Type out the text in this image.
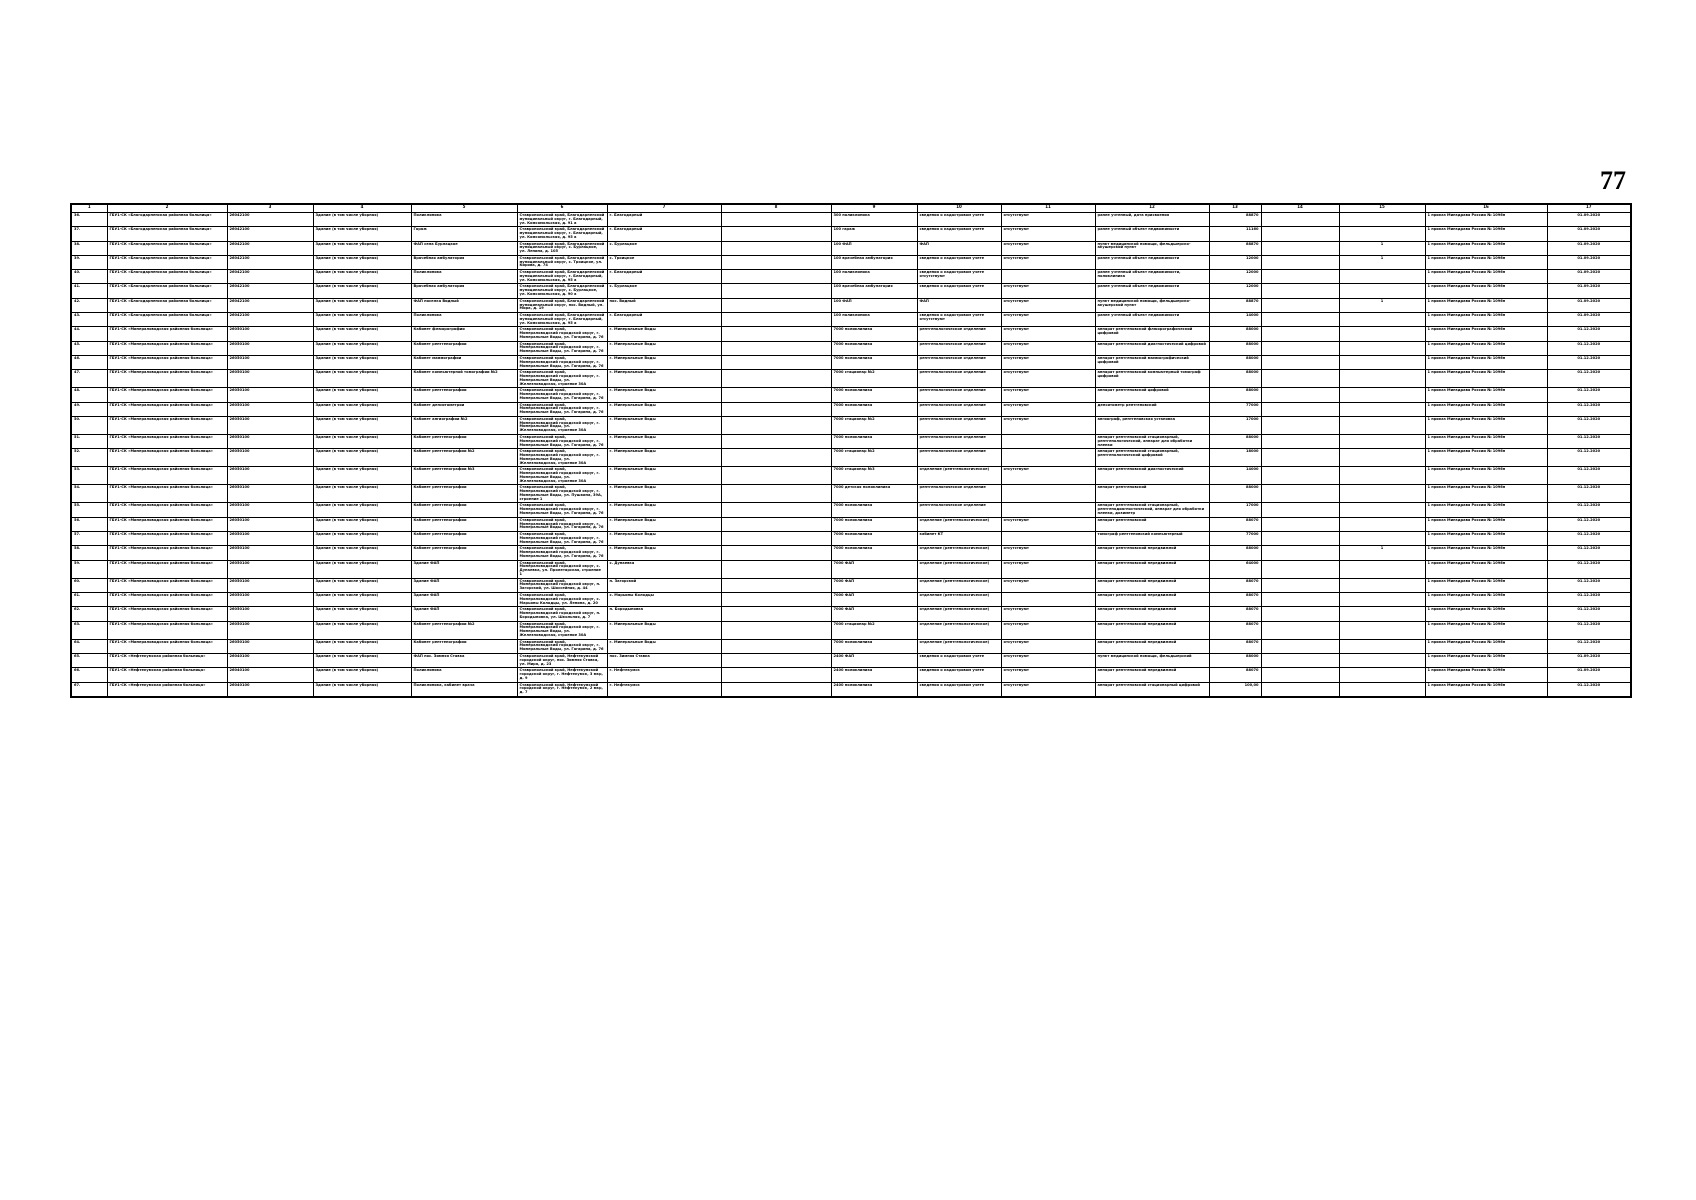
77
1	2	3	4	5	6	7	8	9	10	11	12	13	14	15	16	17
36.	ГБУ1-СК «Благодарненская районная больница»	26042100	Здание (в том числе уборная)	Поликлиника	Ставропольский край, Благодарненский муниципальный округ, г. Благодарный, ул. Комсомольская, д. 91 а	г. Благодарный		300 поликлиника	сведения о кадастровом учете	отсутствуют	ранее учтенный, дата присвоения	88870			1 приказ Минздрава России № 1096н	01.09.2020
37.	ГБУ1-СК «Благодарненская районная больница»	26042100	Здание (в том числе уборная)	Гараж	Ставропольский край, Благодарненский муниципальный округ, г. Благодарный, ул. Комсомольская, д. 95 а	г. Благодарный		100 гараж	сведения о кадастровом учете	отсутствуют	ранее учтенный объект недвижимости	11160			1 приказ Минздрава России № 1096н	01.09.2020
38.	ГБУ1-СК «Благодарненская районная больница»	26042100	Здание (в том числе уборная)	ФАП села Бурлацкое	Ставропольский край, Благодарненский муниципальный округ, с. Бурлацкое, ул. Ленина, д. 105	с. Бурлацкое		100 ФАП	ФАП	отсутствуют	пункт медицинской помощи, фельдшерско-акушерский пункт	88870		1	1 приказ Минздрава России № 1096н	01.09.2020
39.	ГБУ1-СК «Благодарненская районная больница»	26042100	Здание (в том числе уборная)	Врачебная амбулатория	Ставропольский край, Благодарненский муниципальный округ, с. Троицкое, ул. Кирова, д. 74	с. Троицкое		100 врачебная амбулатория	сведения о кадастровом учете	отсутствуют	ранее учтенный объект недвижимости	12000		1	1 приказ Минздрава России № 1096н	01.09.2020
40.	ГБУ1-СК «Благодарненская районная больница»	26042100	Здание (в том числе уборная)	Поликлиника	Ставропольский край, Благодарненский муниципальный округ, г. Благодарный, ул. Комсомольская, д. 95 а	г. Благодарный		100 поликлиника	сведения о кадастровом учете отсутствуют		ранее учтенный объект недвижимости, поликлиника	12000			1 приказ Минздрава России № 1096н	01.09.2020
41.	ГБУ1-СК «Благодарненская районная больница»	26042100	Здание (в том числе уборная)	Врачебная амбулатория	Ставропольский край, Благодарненский муниципальный округ, с. Бурлацкое, ул. Комсомольская, д. 90 а	с. Бурлацкое		100 врачебная амбулатория	сведения о кадастровом учете	отсутствуют	ранее учтенный объект недвижимости	12000			1 приказ Минздрава России № 1096н	01.09.2020
42.	ГБУ1-СК «Благодарненская районная больница»	26042100	Здание (в том числе уборная)	ФАП поселка Видный	Ставропольский край, Благодарненский муниципальный округ, пос. Видный, ул. Мира, д. 19	пос. Видный		100 ФАП	ФАП	отсутствуют	пункт медицинской помощи, фельдшерско-акушерский пункт	88870		1	1 приказ Минздрава России № 1096н	01.09.2020
43.	ГБУ1-СК «Благодарненская районная больница»	26042100	Здание (в том числе уборная)	Поликлиника	Ставропольский край, Благодарненский муниципальный округ, г. Благодарный, ул. Комсомольская, д. 95 а	г. Благодарный		100 поликлиника	сведения о кадастровом учете отсутствуют	отсутствуют	ранее учтенный объект недвижимости	14000			1 приказ Минздрава России № 1096н	01.09.2020
44.	ГБУ1-СК «Минераловодская районная больница»	26050100	Здание (в том числе уборная)	Кабинет флюорографии	Ставропольский край, Минераловодский городской округ, г. Минеральные Воды, ул. Гагарина, д. 76	г. Минеральные Воды		7000 поликлиника	рентгенологическое отделение	отсутствуют	аппарат рентгеновский флюорографический цифровой	88000			1 приказ Минздрава России № 1096н	01.12.2020
45.	ГБУ1-СК «Минераловодская районная больница»	26050100	Здание (в том числе уборная)	Кабинет рентгенографии	Ставропольский край, Минераловодский городской округ, г. Минеральные Воды, ул. Гагарина, д. 76	г. Минеральные Воды		7000 поликлиника	рентгенологическое отделение	отсутствуют	аппарат рентгеновский диагностический цифровой	88000			1 приказ Минздрава России № 1096н	01.12.2020
46.	ГБУ1-СК «Минераловодская районная больница»	26050100	Здание (в том числе уборная)	Кабинет маммографии	Ставропольский край, Минераловодский городской округ, г. Минеральные Воды, ул. Гагарина, д. 76	г. Минеральные Воды		7000 поликлиника	рентгенологическое отделение	отсутствуют	аппарат рентгеновский маммографический цифровой	88000			1 приказ Минздрава России № 1096н	01.12.2020
47.	ГБУ1-СК «Минераловодская районная больница»	26050100	Здание (в том числе уборная)	Кабинет компьютерной томографии №2	Ставропольский край, Минераловодский городской округ, г. Минеральные Воды, ул. Железноводская, строение 30А	г. Минеральные Воды		7000 стационар №2	рентгенологическое отделение	отсутствуют	аппарат рентгеновский компьютерный томограф цифровой	88000			1 приказ Минздрава России № 1096н	01.12.2020
48.	ГБУ1-СК «Минераловодская районная больница»	26050100	Здание (в том числе уборная)	Кабинет рентгенографии	Ставропольский край, Минераловодский городской округ, г. Минеральные Воды, ул. Гагарина, д. 76	г. Минеральные Воды		7000 поликлиника	рентгенологическое отделение	отсутствуют	аппарат рентгеновский цифровой	88000			1 приказ Минздрава России № 1096н	01.12.2020
49.	ГБУ1-СК «Минераловодская районная больница»	26050100	Здание (в том числе уборная)	Кабинет денситометрии	Ставропольский край, Минераловодский городской округ, г. Минеральные Воды, ул. Гагарина, д. 76	г. Минеральные Воды		7000 поликлиника	рентгенологическое отделение	отсутствуют	денситометр рентгеновский	77000			1 приказ Минздрава России № 1096н	01.12.2020
50.	ГБУ1-СК «Минераловодская районная больница»	26050100	Здание (в том числе уборная)	Кабинет ангиографии №2	Ставропольский край, Минераловодский городской округ, г. Минеральные Воды, ул. Железноводская, строение 30А	г. Минеральные Воды		7000 стационар №2	рентгенологическое отделение	отсутствуют	ангиограф, рентгеновская установка	17000			1 приказ Минздрава России № 1096н	01.12.2020
51.	ГБУ1-СК «Минераловодская районная больница»	26050100	Здание (в том числе уборная)	Кабинет рентгенографии	Ставропольский край, Минераловодский городской округ, г. Минеральные Воды, ул. Гагарина, д. 76	г. Минеральные Воды		7000 поликлиника	рентгенологическое отделение		аппарат рентгеновский стационарный, рентгенологический, аппарат для обработки пленки	88000			1 приказ Минздрава России № 1096н	01.12.2020
52.	ГБУ1-СК «Минераловодская районная больница»	26050100	Здание (в том числе уборная)	Кабинет рентгенографии №2	Ставропольский край, Минераловодский городской округ, г. Минеральные Воды, ул. Железноводская, строение 30А	г. Минеральные Воды		7000 стационар №2	рентгенологическое отделение		аппарат рентгеновский стационарный, рентгенологический цифровой	18000			1 приказ Минздрава России № 1096н	01.12.2020
53.	ГБУ1-СК «Минераловодская районная больница»	26050100	Здание (в том числе уборная)	Кабинет рентгенографии №3	Ставропольский край, Минераловодский городской округ, г. Минеральные Воды, ул. Железноводская, строение 30А	г. Минеральные Воды		7000 стационар №3	отделение (рентгенологическое)	отсутствуют	аппарат рентгеновский диагностический	14000			1 приказ Минздрава России № 1096н	01.12.2020
54.	ГБУ1-СК «Минераловодская районная больница»	26050100	Здание (в том числе уборная)	Кабинет рентгенографии	Ставропольский край, Минераловодский городской округ, г. Минеральные Воды, ул. Пушкина, 39А, строение 1	г. Минеральные Воды		7000 детская поликлиника	рентгенологическое отделение		аппарат рентгеновский	88000			1 приказ Минздрава России № 1096н	01.12.2020
55.	ГБУ1-СК «Минераловодская районная больница»	26050100	Здание (в том числе уборная)	Кабинет рентгенографии	Ставропольский край, Минераловодский городской округ, г. Минеральные Воды, ул. Гагарина, д. 76	г. Минеральные Воды		7000 поликлиника	рентгенологическое отделение		аппарат рентгеновский стационарный, рентгенодиагностический, аппарат для обработки пленки, дозиметр	17000			1 приказ Минздрава России № 1096н	01.12.2020
56.	ГБУ1-СК «Минераловодская районная больница»	26050100	Здание (в том числе уборная)	Кабинет рентгенографии	Ставропольский край, Минераловодский городской округ, г. Минеральные Воды, ул. Гагарина, д. 76	г. Минеральные Воды		7000 поликлиника	отделение (рентгенологическое)	отсутствуют	аппарат рентгеновский	88070			1 приказ Минздрава России № 1096н	01.12.2020
57.	ГБУ1-СК «Минераловодская районная больница»	26050100	Здание (в том числе уборная)	Кабинет рентгенографии	Ставропольский край, Минераловодский городской округ, г. Минеральные Воды, ул. Гагарина, д. 76	г. Минеральные Воды		7000 поликлиника	кабинет КТ		томограф рентгеновский компьютерный	77000			1 приказ Минздрава России № 1096н	01.12.2020
58.	ГБУ1-СК «Минераловодская районная больница»	26050100	Здание (в том числе уборная)	Кабинет рентгенографии	Ставропольский край, Минераловодский городской округ, г. Минеральные Воды, ул. Гагарина, д. 76	г. Минеральные Воды		7000 поликлиника	отделение (рентгенологическое)	отсутствуют	аппарат рентгеновский передвижной	88000		1	1 приказ Минздрава России № 1096н	01.12.2020
59.	ГБУ1-СК «Минераловодская районная больница»	26050100	Здание (в том числе уборная)	Здание ФАП	Ставропольский край, Минераловодский городской округ, с. Дунаевка, ул. Пролетарская, строение 1	с. Дунаевка		7000 ФАП	отделение (рентгенологическое)	отсутствуют	аппарат рентгеновский передвижной	64000			1 приказ Минздрава России № 1096н	01.12.2020
60.	ГБУ1-СК «Минераловодская районная больница»	26050100	Здание (в том числе уборная)	Здание ФАП	Ставропольский край, Минераловодский городской округ, п. Загорский, ул. Шоссейная, д. 44	п. Загорский		7000 ФАП	отделение (рентгенологическое)	отсутствуют	аппарат рентгеновский передвижной	88070			1 приказ Минздрава России № 1096н	01.12.2020
61.	ГБУ1-СК «Минераловодская районная больница»	26050100	Здание (в том числе уборная)	Здание ФАП	Ставропольский край, Минераловодский городской округ, с. Марьины Колодцы, ул. Ленина, д. 20	с. Марьины Колодцы		7000 ФАП	отделение (рентгенологическое)		аппарат рентгеновский передвижной	88070			1 приказ Минздрава России № 1096н	01.12.2020
62.	ГБУ1-СК «Минераловодская районная больница»	26050100	Здание (в том числе уборная)	Здание ФАП	Ставропольский край, Минераловодский городской округ, п. Бородыновка, ул. Школьная, д. 7	п. Бородыновка		7000 ФАП	отделение (рентгенологическое)	отсутствуют	аппарат рентгеновский передвижной	88070			1 приказ Минздрава России № 1096н	01.12.2020
63.	ГБУ1-СК «Минераловодская районная больница»	26050100	Здание (в том числе уборная)	Кабинет рентгенографии №2	Ставропольский край, Минераловодский городской округ, г. Минеральные Воды, ул. Железноводская, строение 30А	г. Минеральные Воды		7000 стационар №2	отделение (рентгенологическое)	отсутствуют	аппарат рентгеновский передвижной	88070			1 приказ Минздрава России № 1096н	01.12.2020
64.	ГБУ1-СК «Минераловодская районная больница»	26050100	Здание (в том числе уборная)	Кабинет рентгенографии	Ставропольский край, Минераловодский городской округ, г. Минеральные Воды, ул. Гагарина, д. 76	г. Минеральные Воды		7000 поликлиника	отделение (рентгенологическое)	отсутствуют	аппарат рентгеновский передвижной	88070			1 приказ Минздрава России № 1096н	01.12.2020
65.	ГБУ1-СК «Нефтекумская районная больница»	26040100	Здание (в том числе уборная)	ФАП пос. Зимняя Ставка	Ставропольский край, Нефтекумский городской округ, пос. Зимняя Ставка, ул. Мира, д. 23	пос. Зимняя Ставка		2400 ФАП	сведения о кадастровом учете	отсутствуют	пункт медицинской помощи, фельдшерский	88000			1 приказ Минздрава России № 1096н	01.09.2020
66.	ГБУ1-СК «Нефтекумская районная больница»	26040100	Здание (в том числе уборная)	Поликлиника	Ставропольский край, Нефтекумский городской округ, г. Нефтекумск, 3 мкр, д. 9	г. Нефтекумск		2400 поликлиника	сведения о кадастровом учете	отсутствуют	аппарат рентгеновский передвижной	88070			1 приказ Минздрава России № 1096н	01.09.2020
67.	ГБУ1-СК «Нефтекумская районная больница»	26040100	Здание (в том числе уборная)	Поликлиника, кабинет врача	Ставропольский край, Нефтекумский городской округ, г. Нефтекумск, 2 мкр, д. 7	г. Нефтекумск		2400 поликлиника	сведения о кадастровом учете	отсутствуют	аппарат рентгеновский стационарный цифровой	100,00			1 приказ Минздрава России № 1096н	01.12.2020
